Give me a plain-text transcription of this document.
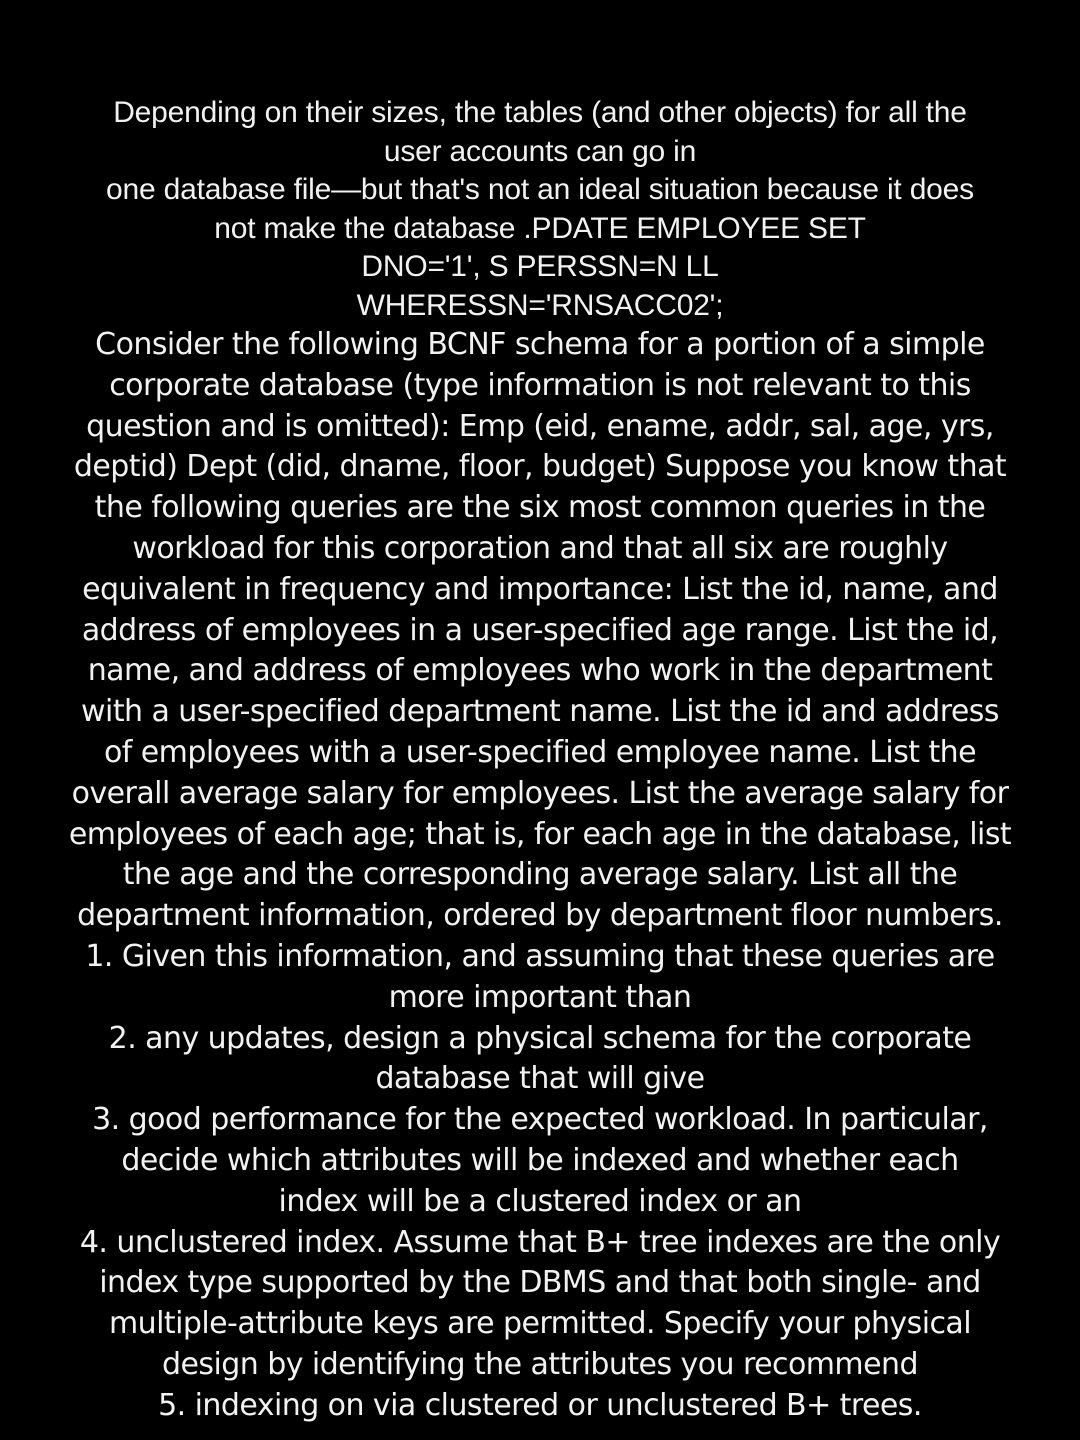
Depending on their sizes, the tables (and other objects) for all the

user accounts can go in

one database file—but that's not an ideal situation because it does

not make the database .PDATE EMPLOYEE SET

DNO='1', S PERSSN=N LL

WHERESSN='RNSACC02';

Consider the following BCNF schema for a portion of a simple

cor⁠porate database (type information is not relevant to this

question and is omitted): Emp (eid, ename, addr, sal, age, yrs,

deptid) Dept (did, dname, floor, budget) Suppose you know that

the following queries are the six most common queries in the

workload for this corporation and that all six are roughly

equivalent in frequency and importance: List the id, name, and

address of employees in a user-specified age range. List the id,

name, and address of employees who work in the department

with a user-specified department name. List the id and address

of employees with a user-specified employee name. List the

overall average salary for employees. List the average salary for

employees of each age; that is, for each age in the database, list

the age and the corresponding average salary. List all the

department information, ordered by department floor numbers.

1. Given this information, and assuming that these queries are

more important than

2. any updates, design a physical schema for the corporate

database that will give

3. good performance for the expected workload. In particular,

decide which at⁠tributes will be indexed and whether each

index will be a clustered index or an

4. unclustered index. Assume that B+ tree indexes are the only

index type sup⁠ported by the DBMS and that both single- and

multiple-attribute keys are per⁠mitted. Specify your physical

design by identifying the attributes you recommend

5. indexing on via clustered or unclustered B+ trees.
